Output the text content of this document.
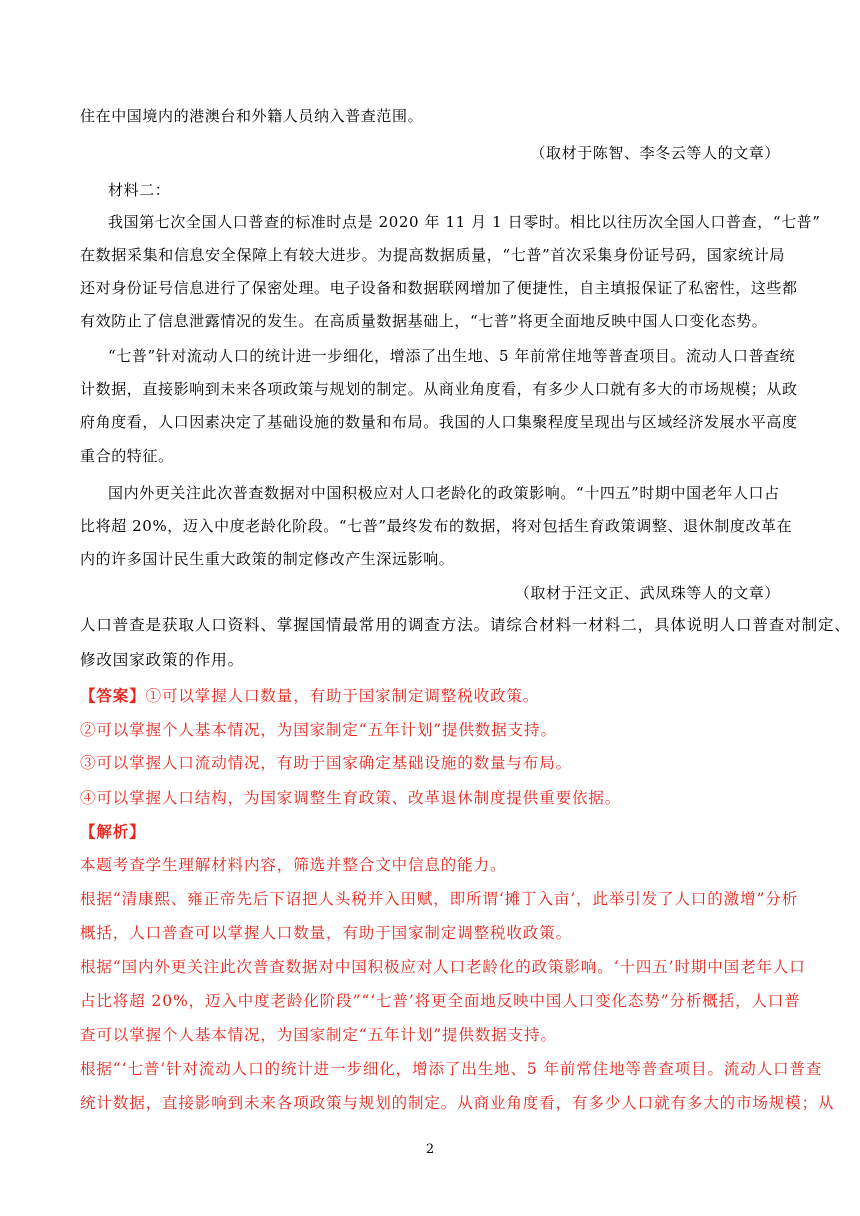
住在中国境内的港澳台和外籍人员纳入普查范围。
（取材于陈智、李冬云等人的文章）
材料二：
我国第七次全国人口普查的标准时点是 2020 年 11 月 1 日零时。相比以往历次全国人口普查，“七普”
在数据采集和信息安全保障上有较大进步。为提高数据质量，“七普”首次采集身份证号码，国家统计局
还对身份证号信息进行了保密处理。电子设备和数据联网增加了便捷性，自主填报保证了私密性，这些都
有效防止了信息泄露情况的发生。在高质量数据基础上，“七普”将更全面地反映中国人口变化态势。
“七普”针对流动人口的统计进一步细化，增添了出生地、5 年前常住地等普查项目。流动人口普查统
计数据，直接影响到未来各项政策与规划的制定。从商业角度看，有多少人口就有多大的市场规模；从政
府角度看，人口因素决定了基础设施的数量和布局。我国的人口集聚程度呈现出与区域经济发展水平高度
重合的特征。
国内外更关注此次普查数据对中国积极应对人口老龄化的政策影响。“十四五”时期中国老年人口占
比将超 20%，迈入中度老龄化阶段。“七普”最终发布的数据，将对包括生育政策调整、退休制度改革在
内的许多国计民生重大政策的制定修改产生深远影响。
（取材于汪文正、武凤珠等人的文章）
人口普查是获取人口资料、掌握国情最常用的调查方法。请综合材料一材料二，具体说明人口普查对制定、
修改国家政策的作用。
【答案】①可以掌握人口数量，有助于国家制定调整税收政策。
②可以掌握个人基本情况，为国家制定“五年计划”提供数据支持。
③可以掌握人口流动情况，有助于国家确定基础设施的数量与布局。
④可以掌握人口结构，为国家调整生育政策、改革退休制度提供重要依据。
【解析】
本题考查学生理解材料内容，筛选并整合文中信息的能力。
根据“清康熙、雍正帝先后下诏把人头税并入田赋，即所谓‘摊丁入亩’，此举引发了人口的激增”分析
概括，人口普查可以掌握人口数量，有助于国家制定调整税收政策。
根据“国内外更关注此次普查数据对中国积极应对人口老龄化的政策影响。‘十四五’时期中国老年人口
占比将超 20%，迈入中度老龄化阶段”“‘七普’将更全面地反映中国人口变化态势”分析概括，人口普
查可以掌握个人基本情况，为国家制定“五年计划”提供数据支持。
根据“‘七普’针对流动人口的统计进一步细化，增添了出生地、5 年前常住地等普查项目。流动人口普查
统计数据，直接影响到未来各项政策与规划的制定。从商业角度看，有多少人口就有多大的市场规模；从
2
